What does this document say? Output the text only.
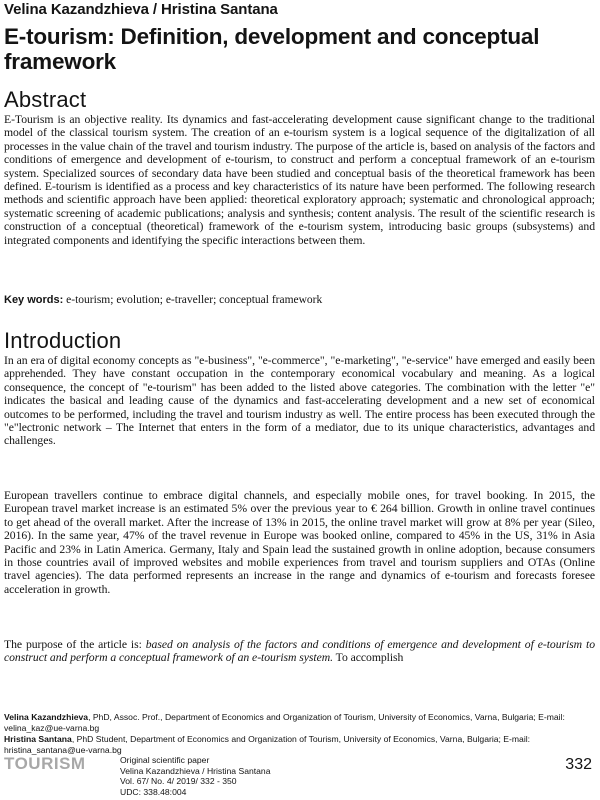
Velina Kazandzhieva / Hristina Santana
E-tourism: Definition, development and conceptual framework
Abstract
E-Tourism is an objective reality. Its dynamics and fast-accelerating development cause significant change to the traditional model of the classical tourism system. The creation of an e-tourism system is a logical sequence of the digitalization of all processes in the value chain of the travel and tourism industry. The purpose of the article is, based on analysis of the factors and conditions of emergence and development of e-tourism, to construct and perform a conceptual framework of an e-tourism system. Specialized sources of secondary data have been studied and conceptual basis of the theoretical framework has been defined. E-tourism is identified as a process and key characteristics of its nature have been performed. The following research methods and scientific approach have been applied: theoretical exploratory approach; systematic and chronological approach; systematic screening of academic publications; analysis and synthesis; content analysis. The result of the scientific research is construction of a conceptual (theoretical) framework of the e-tourism system, introducing basic groups (subsystems) and integrated components and identifying the specific interactions between them.
Key words: e-tourism; evolution; e-traveller; conceptual framework
Introduction
In an era of digital economy concepts as "e-business", "e-commerce", "e-marketing", "e-service" have emerged and easily been apprehended. They have constant occupation in the contemporary economical vocabulary and meaning. As a logical consequence, the concept of "e-tourism" has been added to the listed above categories. The combination with the letter "e" indicates the basical and leading cause of the dynamics and fast-accelerating development and a new set of economical outcomes to be performed, including the travel and tourism industry as well. The entire process has been executed through the "e"lectronic network – The Internet that enters in the form of a mediator, due to its unique characteristics, advantages and challenges.
European travellers continue to embrace digital channels, and especially mobile ones, for travel booking. In 2015, the European travel market increase is an estimated 5% over the previous year to € 264 billion. Growth in online travel continues to get ahead of the overall market. After the increase of 13% in 2015, the online travel market will grow at 8% per year (Sileo, 2016). In the same year, 47% of the travel revenue in Europe was booked online, compared to 45% in the US, 31% in Asia Pacific and 23% in Latin America. Germany, Italy and Spain lead the sustained growth in online adoption, because consumers in those countries avail of improved websites and mobile experiences from travel and tourism suppliers and OTAs (Online travel agencies). The data performed represents an increase in the range and dynamics of e-tourism and forecasts foresee acceleration in growth.
The purpose of the article is: based on analysis of the factors and conditions of emergence and development of e-tourism to construct and perform a conceptual framework of an e-tourism system. To accomplish
Velina Kazandzhieva, PhD, Assoc. Prof., Department of Economics and Organization of Tourism, University of Economics, Varna, Bulgaria; E-mail: velina_kaz@ue-varna.bg
Hristina Santana, PhD Student, Department of Economics and Organization of Tourism, University of Economics, Varna, Bulgaria; E-mail: hristina_santana@ue-varna.bg
TOURISM	Original scientific paper
Velina Kazandzhieva / Hristina Santana
Vol. 67/ No. 4/ 2019/ 332 - 350
UDC: 338.48:004
332
